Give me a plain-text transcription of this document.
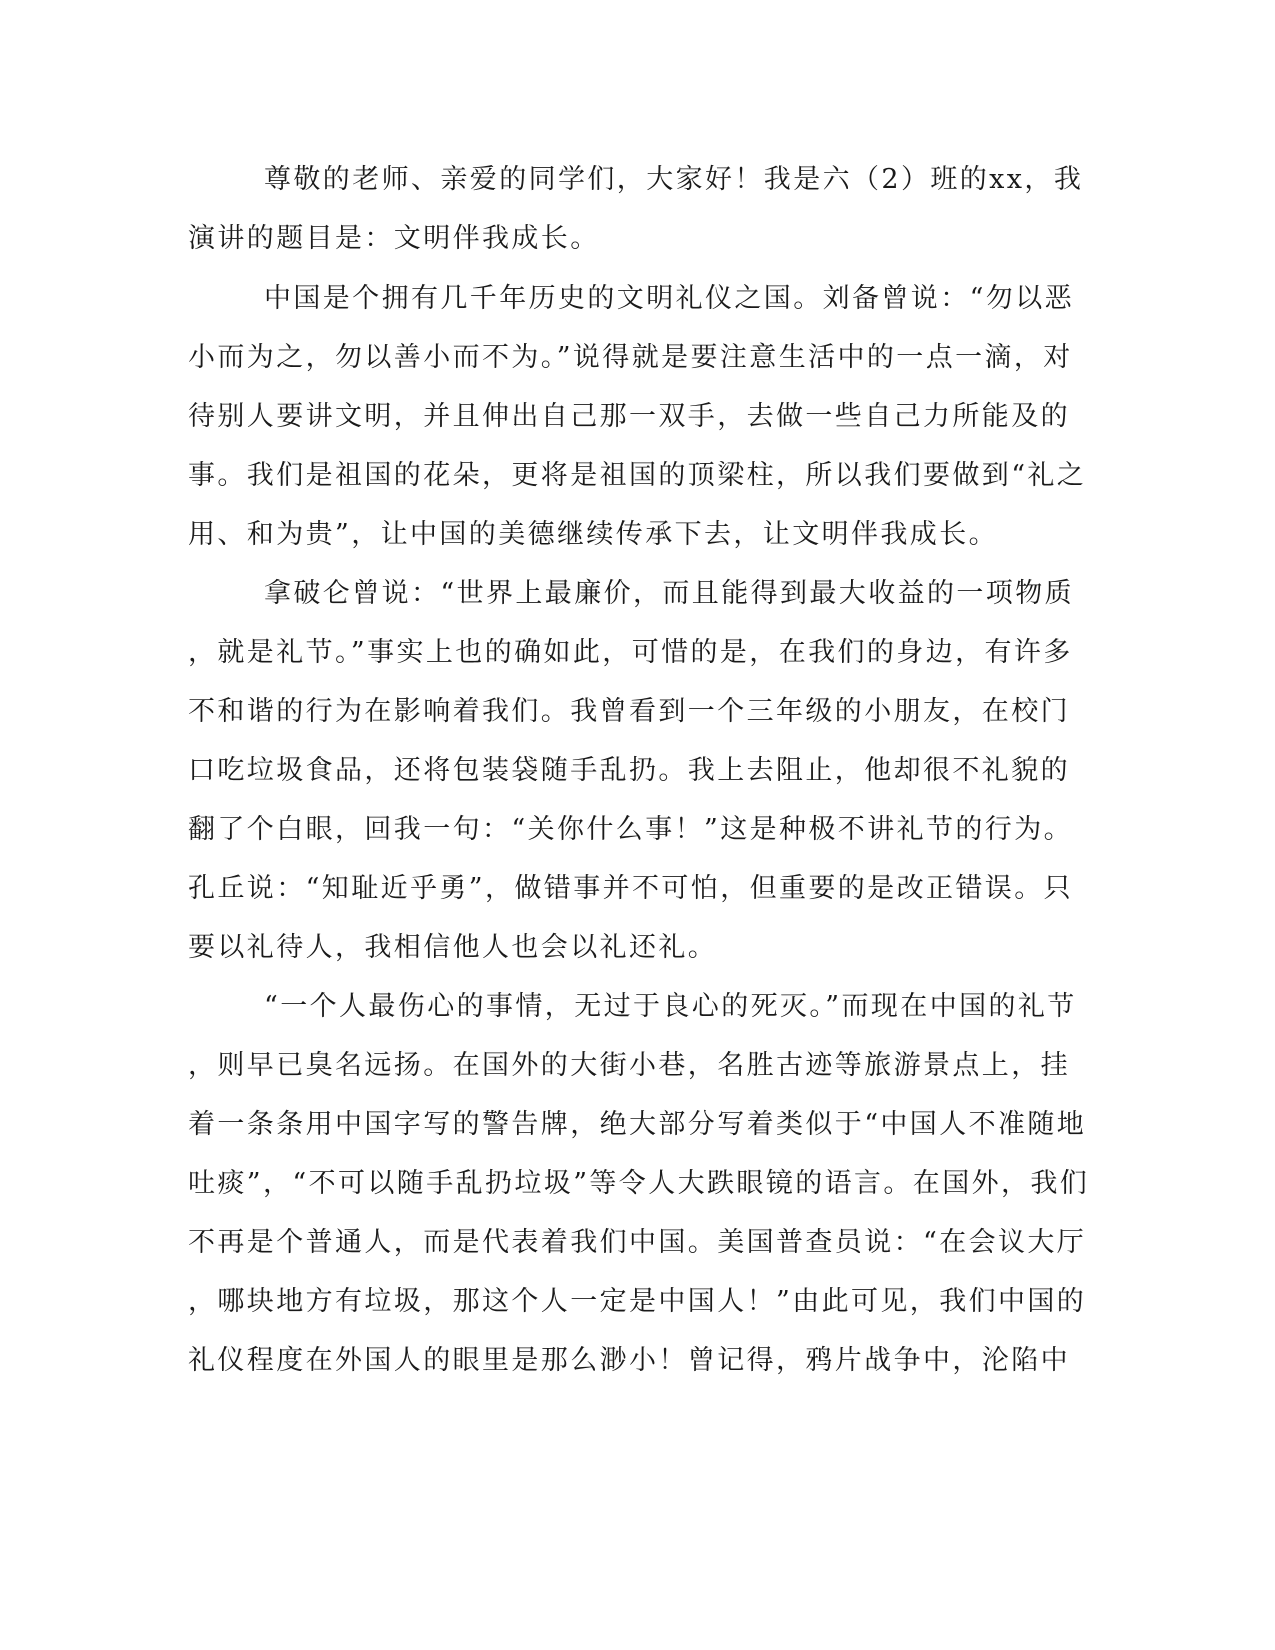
尊敬的老师、亲爱的同学们，大家好！我是六（2）班的xx，我
演讲的题目是：文明伴我成长。
中国是个拥有几千年历史的文明礼仪之国。刘备曾说：“勿以恶
小而为之，勿以善小而不为。”说得就是要注意生活中的一点一滴，对
待别人要讲文明，并且伸出自己那一双手，去做一些自己力所能及的
事。我们是祖国的花朵，更将是祖国的顶梁柱，所以我们要做到“礼之
用、和为贵”，让中国的美德继续传承下去，让文明伴我成长。
拿破仑曾说：“世界上最廉价，而且能得到最大收益的一项物质
，就是礼节。”事实上也的确如此，可惜的是，在我们的身边，有许多
不和谐的行为在影响着我们。我曾看到一个三年级的小朋友，在校门
口吃垃圾食品，还将包装袋随手乱扔。我上去阻止，他却很不礼貌的
翻了个白眼，回我一句：“关你什么事！”这是种极不讲礼节的行为。
孔丘说：“知耻近乎勇”，做错事并不可怕，但重要的是改正错误。只
要以礼待人，我相信他人也会以礼还礼。
“一个人最伤心的事情，无过于良心的死灭。”而现在中国的礼节
，则早已臭名远扬。在国外的大街小巷，名胜古迹等旅游景点上，挂
着一条条用中国字写的警告牌，绝大部分写着类似于“中国人不准随地
吐痰”，“不可以随手乱扔垃圾”等令人大跌眼镜的语言。在国外，我们
不再是个普通人，而是代表着我们中国。美国普查员说：“在会议大厅
，哪块地方有垃圾，那这个人一定是中国人！”由此可见，我们中国的
礼仪程度在外国人的眼里是那么渺小！曾记得，鸦片战争中，沦陷中
